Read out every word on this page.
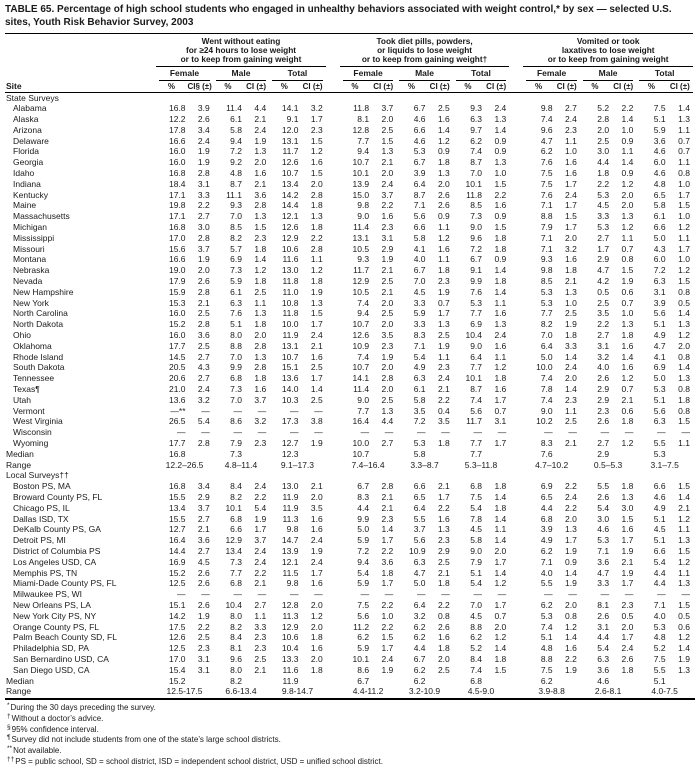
TABLE 65. Percentage of high school students who engaged in unhealthy behaviors associated with weight control,* by sex — selected U.S. sites, Youth Risk Behavior Survey, 2003
Site	
Went without eating
for ≥24 hours to lose weight
or to keep from gaining weight

Took diet pills, powders,
or liquids to lose weight
or to keep from gaining weight†

Vomited or took
laxatives to lose weight
or to keep from gaining weight

	Female		Male		Total			Female		Male		Total			Female		Male		Total	

	%	CI§ (±)	%	CI (±)	%	CI (±)		%	CI (±)	%	CI (±)	%	CI (±)		%	CI (±)	%	CI (±)	%	CI (±)
State Surveys																				
Alabama	16.8	3.9	11.4	4.4	14.1	3.2		11.8	3.7	6.7	2.5	9.3	2.4		9.8	2.7	5.2	2.2	7.5	1.4
Alaska	12.2	2.6	6.1	2.1	9.1	1.7		8.1	2.0	4.6	1.6	6.3	1.3		7.4	2.4	2.8	1.4	5.1	1.3
Arizona	17.8	3.4	5.8	2.4	12.0	2.3		12.8	2.5	6.6	1.4	9.7	1.4		9.6	2.3	2.0	1.0	5.9	1.1
Delaware	16.6	2.4	9.4	1.9	13.1	1.5		7.7	1.5	4.6	1.2	6.2	0.9		4.7	1.1	2.5	0.9	3.6	0.7
Florida	16.0	1.9	7.2	1.3	11.7	1.2		9.4	1.3	5.3	0.9	7.4	0.9		6.2	1.0	3.0	1.1	4.6	0.7
Georgia	16.0	1.9	9.2	2.0	12.6	1.6		10.7	2.1	6.7	1.8	8.7	1.3		7.6	1.6	4.4	1.4	6.0	1.1
Idaho	16.8	2.8	4.8	1.6	10.7	1.5		10.1	2.0	3.9	1.3	7.0	1.0		7.5	1.6	1.8	0.9	4.6	0.8
Indiana	18.4	3.1	8.7	2.1	13.4	2.0		13.9	2.4	6.4	2.0	10.1	1.5		7.5	1.7	2.2	1.2	4.8	1.0
Kentucky	17.1	3.3	11.1	3.6	14.2	2.8		15.0	3.7	8.7	2.6	11.8	2.2		7.6	2.4	5.3	2.0	6.5	1.7
Maine	19.8	2.2	9.3	2.8	14.4	1.8		9.8	2.2	7.1	2.6	8.5	1.6		7.1	1.7	4.5	2.0	5.8	1.5
Massachusetts	17.1	2.7	7.0	1.3	12.1	1.3		9.0	1.6	5.6	0.9	7.3	0.9		8.8	1.5	3.3	1.3	6.1	1.0
Michigan	16.8	3.0	8.5	1.5	12.6	1.8		11.4	2.3	6.6	1.1	9.0	1.5		7.9	1.7	5.3	1.2	6.6	1.2
Mississippi	17.0	2.8	8.2	2.3	12.9	2.2		13.1	3.1	5.8	1.2	9.6	1.8		7.1	2.0	2.7	1.1	5.0	1.1
Missouri	15.6	3.7	5.7	1.8	10.6	2.8		10.5	2.9	4.1	1.6	7.2	1.8		7.1	3.2	1.7	0.7	4.3	1.7
Montana	16.6	1.9	6.9	1.4	11.6	1.1		9.3	1.9	4.0	1.1	6.7	0.9		9.3	1.6	2.9	0.8	6.0	1.0
Nebraska	19.0	2.0	7.3	1.2	13.0	1.2		11.7	2.1	6.7	1.8	9.1	1.4		9.8	1.8	4.7	1.5	7.2	1.2
Nevada	17.9	2.6	5.9	1.8	11.8	1.8		12.9	2.5	7.0	2.3	9.9	1.8		8.5	2.1	4.2	1.9	6.3	1.5
New Hampshire	15.9	2.8	6.1	2.5	11.0	1.9		10.5	2.1	4.5	1.9	7.6	1.4		5.3	1.3	0.5	0.6	3.1	0.8
New York	15.3	2.1	6.3	1.1	10.8	1.3		7.4	2.0	3.3	0.7	5.3	1.1		5.3	1.0	2.5	0.7	3.9	0.5
North Carolina	16.0	2.5	7.6	1.3	11.8	1.5		9.4	2.5	5.9	1.7	7.7	1.6		7.7	2.5	3.5	1.0	5.6	1.4
North Dakota	15.2	2.8	5.1	1.8	10.0	1.7		10.7	2.0	3.3	1.3	6.9	1.3		8.2	1.9	2.2	1.3	5.1	1.3
Ohio	16.0	3.6	8.0	2.0	11.9	2.4		12.6	3.5	8.3	2.5	10.4	2.4		7.0	1.8	2.7	1.8	4.9	1.2
Oklahoma	17.7	2.5	8.8	2.8	13.1	2.1		10.9	2.3	7.1	1.9	9.0	1.6		6.4	3.3	3.1	1.6	4.7	2.0
Rhode Island	14.5	2.7	7.0	1.3	10.7	1.6		7.4	1.9	5.4	1.1	6.4	1.1		5.0	1.4	3.2	1.4	4.1	0.8
South Dakota	20.5	4.3	9.9	2.8	15.1	2.5		10.7	2.0	4.9	2.3	7.7	1.2		10.0	2.4	4.0	1.6	6.9	1.4
Tennessee	20.6	2.7	6.8	1.8	13.6	1.7		14.1	2.8	6.3	2.4	10.1	1.8		7.4	2.0	2.6	1.2	5.0	1.3
Texas¶	21.0	2.4	7.3	1.6	14.0	1.4		11.4	2.0	6.1	2.1	8.7	1.6		7.8	1.4	2.9	0.7	5.3	0.8
Utah	13.6	3.2	7.0	3.7	10.3	2.5		9.0	2.5	5.8	2.2	7.4	1.7		7.4	2.3	2.9	2.1	5.1	1.8
Vermont	—**	—	—	—	—	—		7.7	1.3	3.5	0.4	5.6	0.7		9.0	1.1	2.3	0.6	5.6	0.8
West Virginia	26.5	5.4	8.6	3.2	17.3	3.8		16.4	4.4	7.2	3.5	11.7	3.1		10.2	2.5	2.6	1.8	6.3	1.5
Wisconsin	—	—	—	—	—	—		—	—	—	—	—	—		—	—	—	—	—	—
Wyoming	17.7	2.8	7.9	2.3	12.7	1.9		10.0	2.7	5.3	1.8	7.7	1.7		8.3	2.1	2.7	1.2	5.5	1.1
Median	16.8		7.3		12.3			10.7		5.8		7.7			7.6		2.9		5.3	
Range	12.2–26.5		4.8–11.4		9.1–17.3			7.4–16.4		3.3–8.7		5.3–11.8			4.7–10.2		0.5–5.3		3.1–7.5	
Local Surveys††																				
Boston PS, MA	16.8	3.4	8.4	2.4	13.0	2.1		6.7	2.8	6.6	2.1	6.8	1.8		6.9	2.2	5.5	1.8	6.6	1.5
Broward County PS, FL	15.5	2.9	8.2	2.2	11.9	2.0		8.3	2.1	6.5	1.7	7.5	1.4		6.5	2.4	2.6	1.3	4.6	1.4
Chicago PS, IL	13.4	3.7	10.1	5.4	11.9	3.5		4.4	2.1	6.4	2.2	5.4	1.8		4.4	2.2	5.4	3.0	4.9	2.1
Dallas ISD, TX	15.5	2.7	6.8	1.9	11.3	1.6		9.9	2.3	5.5	1.6	7.8	1.4		6.8	2.0	3.0	1.5	5.1	1.2
DeKalb County PS, GA	12.7	2.1	6.6	1.7	9.8	1.6		5.0	1.4	3.7	1.3	4.5	1.1		3.9	1.3	4.6	1.6	4.5	1.1
Detroit PS, MI	16.4	3.6	12.9	3.7	14.7	2.4		5.9	1.7	5.6	2.3	5.8	1.4		4.9	1.7	5.3	1.7	5.1	1.3
District of Columbia PS	14.4	2.7	13.4	2.4	13.9	1.9		7.2	2.2	10.9	2.9	9.0	2.0		6.2	1.9	7.1	1.9	6.6	1.5
Los Angeles USD, CA	16.9	4.5	7.3	2.4	12.1	2.4		9.4	3.6	6.3	2.5	7.9	1.7		7.1	0.9	3.6	2.1	5.4	1.2
Memphis PS, TN	15.2	2.6	7.7	2.2	11.5	1.7		5.4	1.8	4.7	2.1	5.1	1.4		4.0	1.4	4.7	1.9	4.4	1.1
Miami-Dade County PS, FL	12.5	2.6	6.8	2.1	9.8	1.6		5.9	1.7	5.0	1.8	5.4	1.2		5.5	1.9	3.3	1.7	4.4	1.3
Milwaukee PS, WI	—	—	—	—	—	—		—	—	—	—	—	—		—	—	—	—	—	—
New Orleans PS, LA	15.1	2.6	10.4	2.7	12.8	2.0		7.5	2.2	6.4	2.2	7.0	1.7		6.2	2.0	8.1	2.3	7.1	1.5
New York City PS, NY	14.2	1.9	8.0	1.1	11.3	1.2		5.6	1.0	3.2	0.8	4.5	0.7		5.3	0.8	2.6	0.5	4.0	0.5
Orange County PS, FL	17.5	2.2	8.2	3.3	12.9	2.0		11.2	2.2	6.2	2.6	8.8	2.0		7.4	1.2	3.1	2.0	5.3	0.6
Palm Beach County SD, FL	12.6	2.5	8.4	2.3	10.6	1.8		6.2	1.5	6.2	1.6	6.2	1.2		5.1	1.4	4.4	1.7	4.8	1.2
Philadelphia SD, PA	12.5	2.3	8.1	2.3	10.4	1.6		5.9	1.7	4.4	1.8	5.2	1.4		4.8	1.6	5.4	2.4	5.2	1.4
San Bernardino USD, CA	17.0	3.1	9.6	2.5	13.3	2.0		10.1	2.4	6.7	2.0	8.4	1.8		8.8	2.2	6.3	2.6	7.5	1.9
San Diego USD, CA	15.4	3.1	8.0	2.1	11.6	1.8		8.6	1.9	6.2	2.5	7.4	1.5		7.5	1.9	3.6	1.8	5.5	1.3
Median	15.2		8.2		11.9			6.7		6.2		6.8			6.2		4.6		5.1	
Range	12.5-17.5		6.6-13.4		9.8-14.7			4.4-11.2		3.2-10.9		4.5-9.0			3.9-8.8		2.6-8.1		4.0-7.5	
*During the 30 days preceding the survey.
†Without a doctor’s advice.
§95% confidence interval.
¶Survey did not include students from one of the state’s large school districts.
**Not available.
††PS = public school, SD = school district, ISD = independent school district, USD = unified school district.
